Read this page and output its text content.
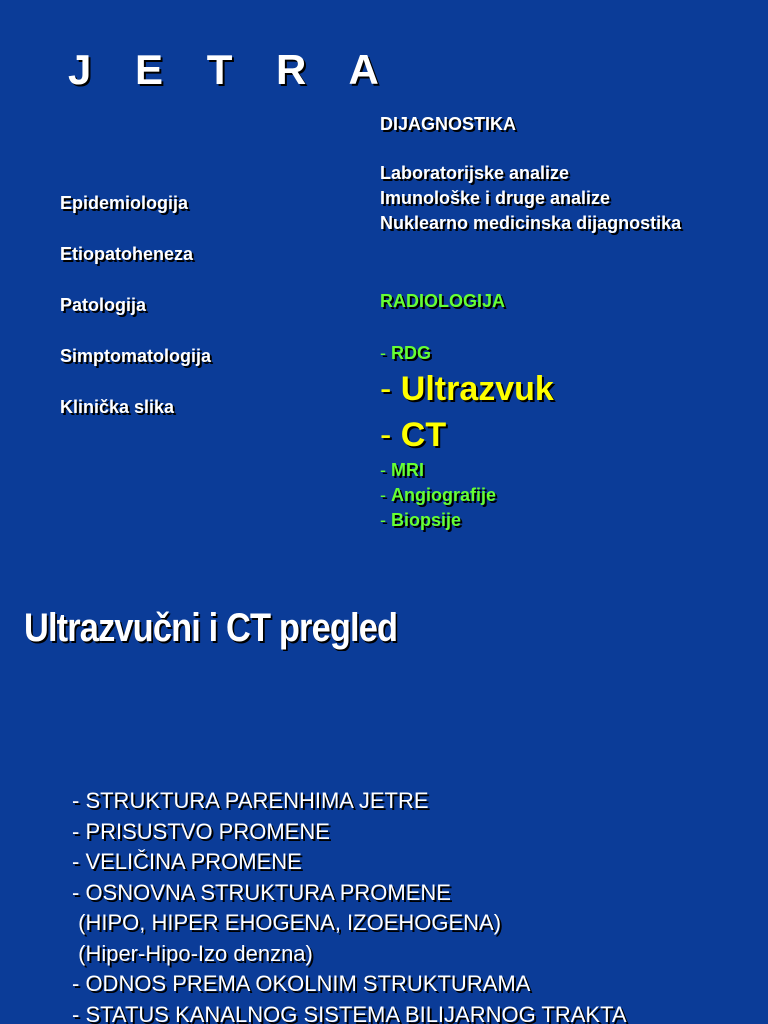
J E T R A
Epidemiologija
Etiopatoheneza
Patologija
Simptomatologija
Klinička slika
DIJAGNOSTIKA
Laboratorijske analize
Imunološke i druge analize
Nuklearno medicinska dijagnostika
RADIOLOGIJA
- RDG
- Ultrazvuk
- CT
- MRI
- Angiografije
- Biopsije
Ultrazvučni i CT pregled
- STRUKTURA PARENHIMA JETRE
- PRISUSTVO PROMENE
- VELIČINA PROMENE
- OSNOVNA STRUKTURA PROMENE
(HIPO, HIPER EHOGENA, IZOEHOGENA)
(Hiper-Hipo-Izo denzna)
- ODNOS PREMA OKOLNIM STRUKTURAMA
- STATUS KANALNOG SISTEMA BILIJARNOG TRAKTA
